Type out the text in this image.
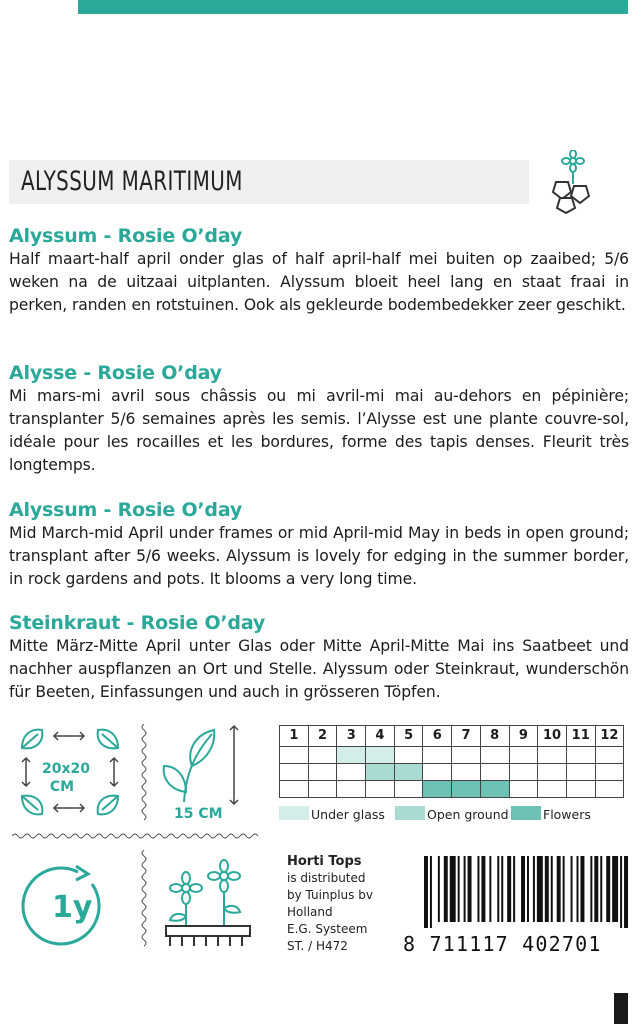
ALYSSUM MARITIMUM
Alyssum - Rosie O’day

Half maart-half april onder glas of half april-half mei buiten op zaaibed; 5/6 weken na de uitzaai uitplanten. Alyssum bloeit heel lang en staat fraai in perken, randen en rotstuinen. Ook als gekleurde bodembedekker zeer geschikt.

Alysse - Rosie O’day

Mi mars-mi avril sous châssis ou mi avril-mi mai au-dehors en pépinière; transplanter 5/6 semaines après les semis. l’Alysse est une plante couvre-sol, idéale pour les rocailles et les bordures, forme des tapis denses. Fleurit très longtemps.

Alyssum - Rosie O’day

Mid March-mid April under frames or mid April-mid May in beds in open ground; transplant after 5/6 weeks. Alyssum is lovely for edging in the summer border, in rock gardens and pots. It blooms a very long time.

Steinkraut - Rosie O’day

Mitte März-Mitte April unter Glas oder Mitte April-Mitte Mai ins Saatbeet und nachher auspflanzen an Ort und Stelle. Alyssum oder Steinkraut, wunderschön für Beeten, Einfassungen und auch in grösseren Töpfen.

20x20
CM
15 CM
1y
1	2	3	4	5	6	7	8	9	10	11	12

Under glass	Open ground	Flowers
Horti Tops
is distributed
by Tuinplus bv
Holland
E.G. Systeem
ST. / H472	8 711117 402701
